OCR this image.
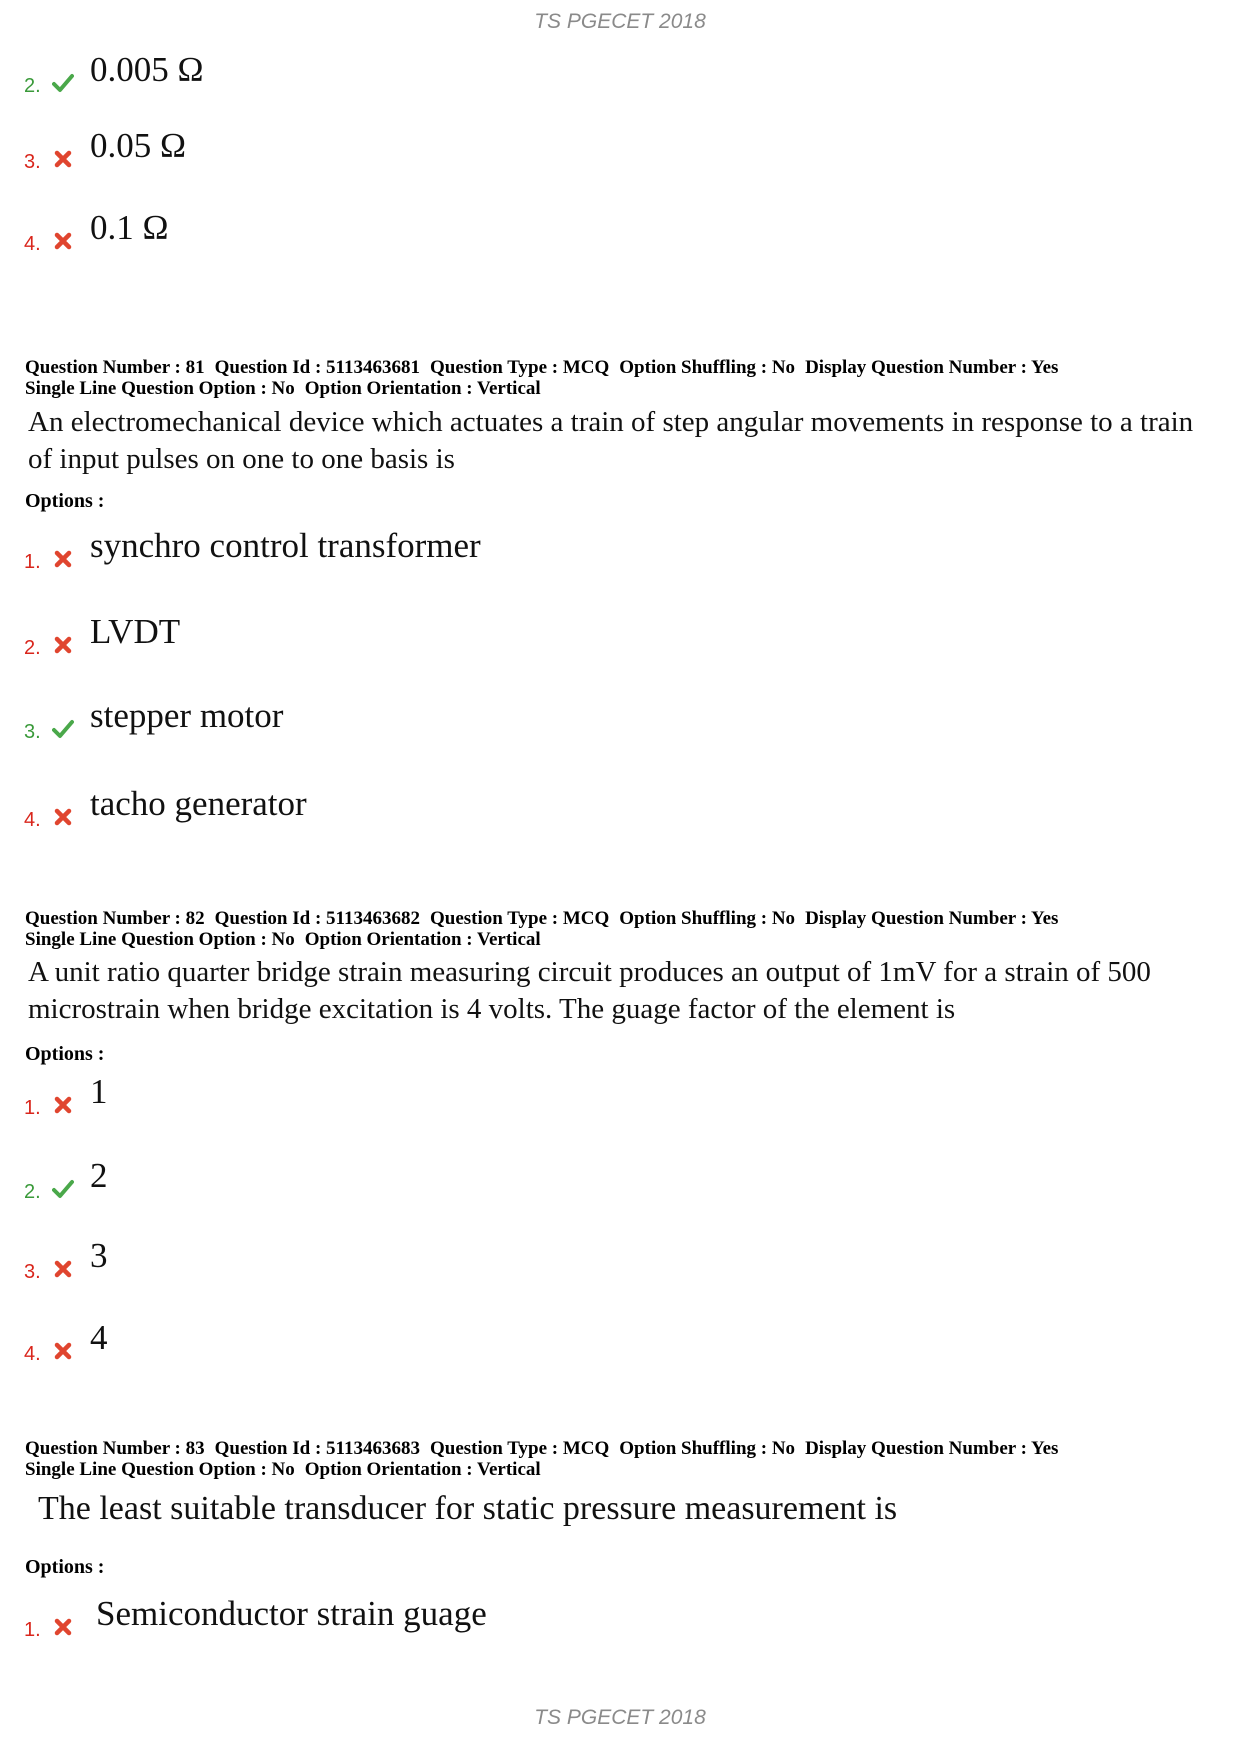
TS PGECET 2018
2. 0.005 Ω
3. 0.05 Ω
4. 0.1 Ω
Question Number : 81 Question Id : 5113463681 Question Type : MCQ Option Shuffling : No Display Question Number : Yes
Single Line Question Option : No Option Orientation : Vertical
An electromechanical device which actuates a train of step angular movements in response to a train of input pulses on one to one basis is
Options :
1. synchro control transformer
2. LVDT
3. stepper motor
4. tacho generator
Question Number : 82 Question Id : 5113463682 Question Type : MCQ Option Shuffling : No Display Question Number : Yes
Single Line Question Option : No Option Orientation : Vertical
A unit ratio quarter bridge strain measuring circuit produces an output of 1mV for a strain of 500 microstrain when bridge excitation is 4 volts. The guage factor of the element is
Options :
1. 1
2. 2
3. 3
4. 4
Question Number : 83 Question Id : 5113463683 Question Type : MCQ Option Shuffling : No Display Question Number : Yes
Single Line Question Option : No Option Orientation : Vertical
The least suitable transducer for static pressure measurement is
Options :
1. Semiconductor strain guage
TS PGECET 2018
